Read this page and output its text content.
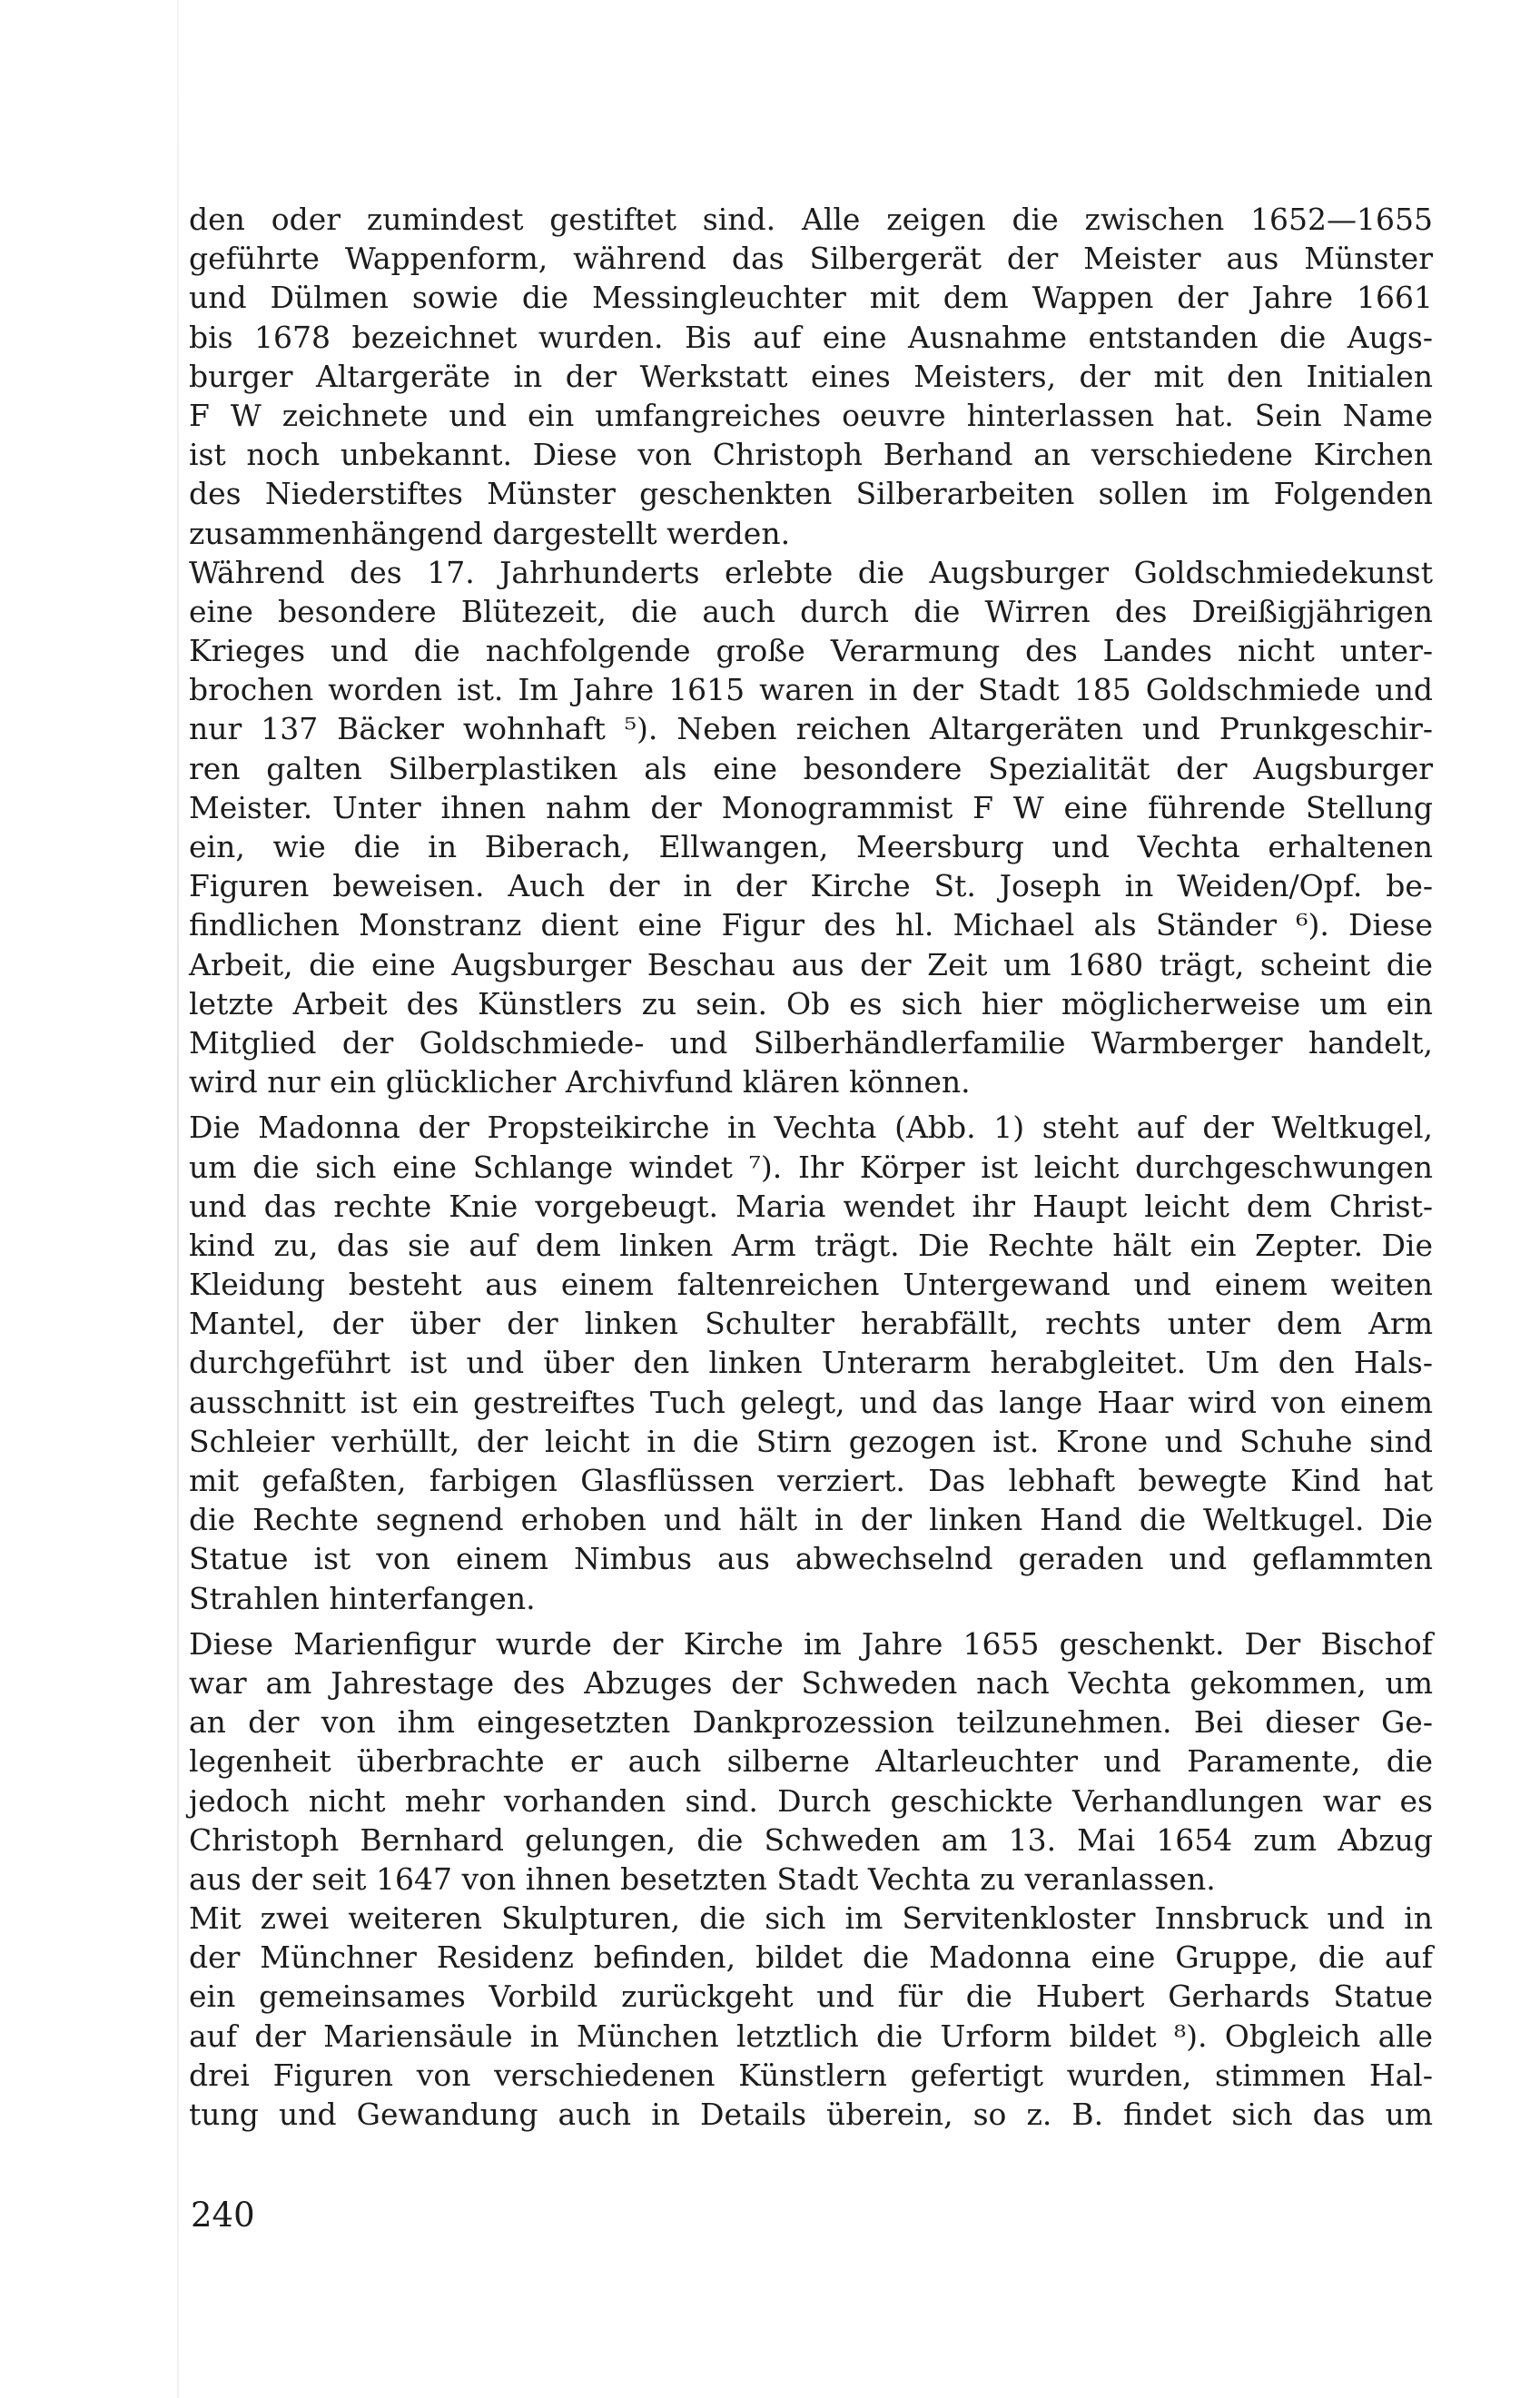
den oder zumindest gestiftet sind. Alle zeigen die zwischen 1652—1655
geführte Wappenform, während das Silbergerät der Meister aus Münster
und Dülmen sowie die Messingleuchter mit dem Wappen der Jahre 1661
bis 1678 bezeichnet wurden. Bis auf eine Ausnahme entstanden die Augs-
burger Altargeräte in der Werkstatt eines Meisters, der mit den Initialen
F W zeichnete und ein umfangreiches oeuvre hinterlassen hat. Sein Name
ist noch unbekannt. Diese von Christoph Berhand an verschiedene Kirchen
des Niederstiftes Münster geschenkten Silberarbeiten sollen im Folgenden
zusammenhängend dargestellt werden.

Während des 17. Jahrhunderts erlebte die Augsburger Goldschmiedekunst
eine besondere Blütezeit, die auch durch die Wirren des Dreißigjährigen
Krieges und die nachfolgende große Verarmung des Landes nicht unter-
brochen worden ist. Im Jahre 1615 waren in der Stadt 185 Goldschmiede und
nur 137 Bäcker wohnhaft ⁵). Neben reichen Altargeräten und Prunkgeschir-
ren galten Silberplastiken als eine besondere Spezialität der Augsburger
Meister. Unter ihnen nahm der Monogrammist F W eine führende Stellung
ein, wie die in Biberach, Ellwangen, Meersburg und Vechta erhaltenen
Figuren beweisen. Auch der in der Kirche St. Joseph in Weiden/Opf. be-
findlichen Monstranz dient eine Figur des hl. Michael als Ständer ⁶). Diese
Arbeit, die eine Augsburger Beschau aus der Zeit um 1680 trägt, scheint die
letzte Arbeit des Künstlers zu sein. Ob es sich hier möglicherweise um ein
Mitglied der Goldschmiede- und Silberhändlerfamilie Warmberger handelt,
wird nur ein glücklicher Archivfund klären können.

Die Madonna der Propsteikirche in Vechta (Abb. 1) steht auf der Weltkugel,
um die sich eine Schlange windet ⁷). Ihr Körper ist leicht durchgeschwungen
und das rechte Knie vorgebeugt. Maria wendet ihr Haupt leicht dem Christ-
kind zu, das sie auf dem linken Arm trägt. Die Rechte hält ein Zepter. Die
Kleidung besteht aus einem faltenreichen Untergewand und einem weiten
Mantel, der über der linken Schulter herabfällt, rechts unter dem Arm
durchgeführt ist und über den linken Unterarm herabgleitet. Um den Hals-
ausschnitt ist ein gestreiftes Tuch gelegt, und das lange Haar wird von einem
Schleier verhüllt, der leicht in die Stirn gezogen ist. Krone und Schuhe sind
mit gefaßten, farbigen Glasflüssen verziert. Das lebhaft bewegte Kind hat
die Rechte segnend erhoben und hält in der linken Hand die Weltkugel. Die
Statue ist von einem Nimbus aus abwechselnd geraden und geflammten
Strahlen hinterfangen.

Diese Marienfigur wurde der Kirche im Jahre 1655 geschenkt. Der Bischof
war am Jahrestage des Abzuges der Schweden nach Vechta gekommen, um
an der von ihm eingesetzten Dankprozession teilzunehmen. Bei dieser Ge-
legenheit überbrachte er auch silberne Altarleuchter und Paramente, die
jedoch nicht mehr vorhanden sind. Durch geschickte Verhandlungen war es
Christoph Bernhard gelungen, die Schweden am 13. Mai 1654 zum Abzug
aus der seit 1647 von ihnen besetzten Stadt Vechta zu veranlassen.

Mit zwei weiteren Skulpturen, die sich im Servitenkloster Innsbruck und in
der Münchner Residenz befinden, bildet die Madonna eine Gruppe, die auf
ein gemeinsames Vorbild zurückgeht und für die Hubert Gerhards Statue
auf der Mariensäule in München letztlich die Urform bildet ⁸). Obgleich alle
drei Figuren von verschiedenen Künstlern gefertigt wurden, stimmen Hal-
tung und Gewandung auch in Details überein, so z. B. findet sich das um

240
